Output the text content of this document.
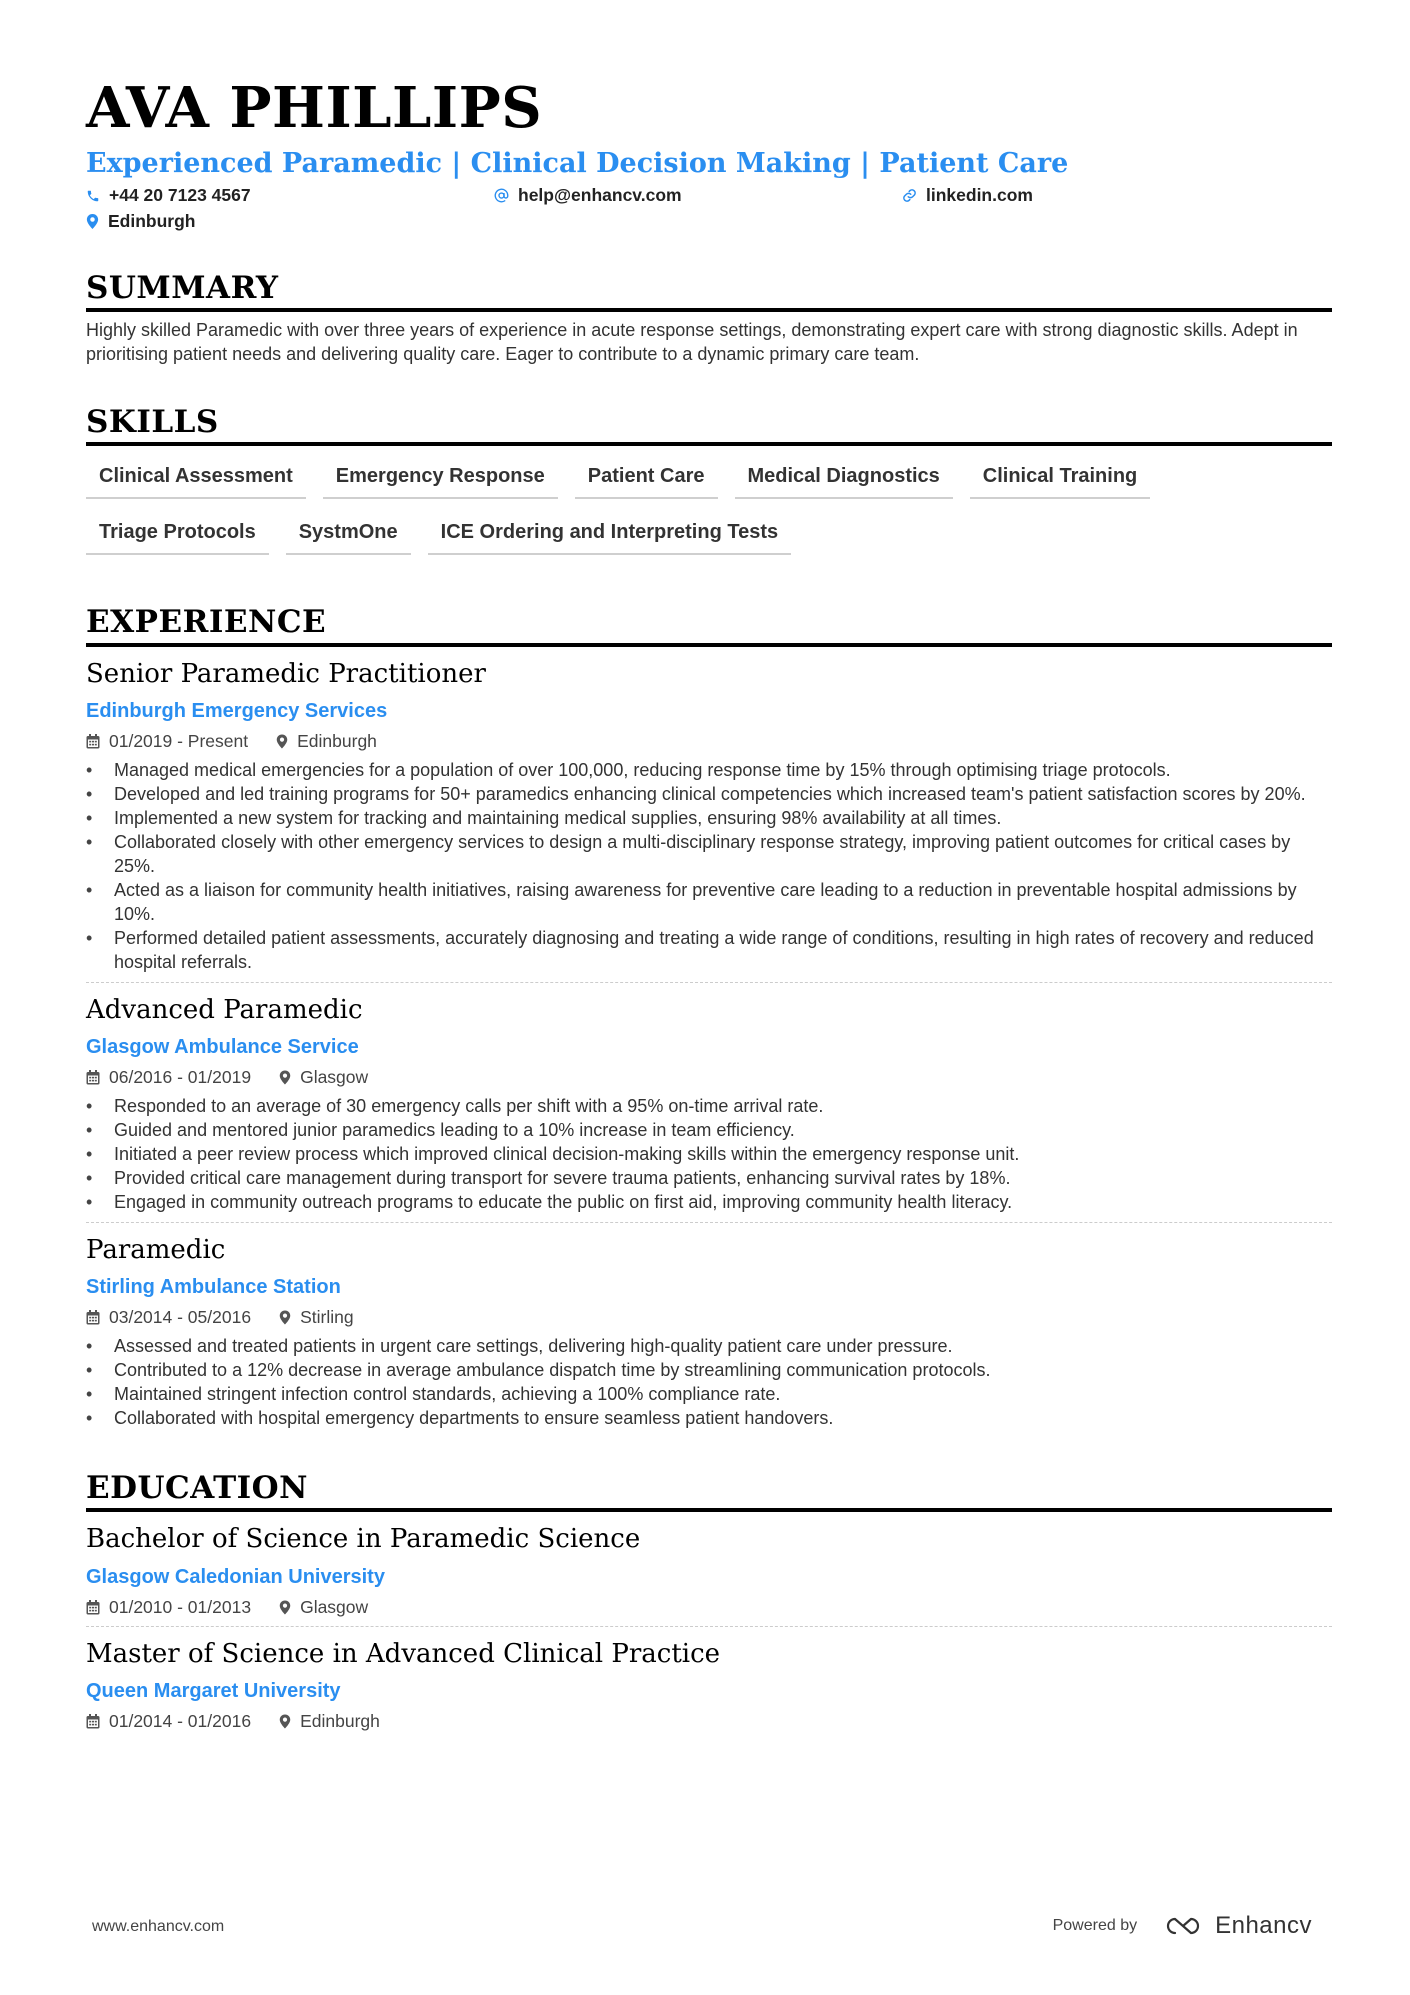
AVA PHILLIPS
Experienced Paramedic | Clinical Decision Making | Patient Care
+44 20 7123 4567	help@enhancv.com	linkedin.com
Edinburgh
SUMMARY
Highly skilled Paramedic with over three years of experience in acute response settings, demonstrating expert care with strong diagnostic skills. Adept in prioritising patient needs and delivering quality care. Eager to contribute to a dynamic primary care team.
SKILLS
Clinical Assessment	Emergency Response	Patient Care	Medical Diagnostics	Clinical Training
Triage Protocols	SystmOne	ICE Ordering and Interpreting Tests
EXPERIENCE
Senior Paramedic Practitioner
Edinburgh Emergency Services
01/2019 - Present	Edinburgh
• Managed medical emergencies for a population of over 100,000, reducing response time by 15% through optimising triage protocols.
• Developed and led training programs for 50+ paramedics enhancing clinical competencies which increased team's patient satisfaction scores by 20%.
• Implemented a new system for tracking and maintaining medical supplies, ensuring 98% availability at all times.
• Collaborated closely with other emergency services to design a multi-disciplinary response strategy, improving patient outcomes for critical cases by 25%.
• Acted as a liaison for community health initiatives, raising awareness for preventive care leading to a reduction in preventable hospital admissions by 10%.
• Performed detailed patient assessments, accurately diagnosing and treating a wide range of conditions, resulting in high rates of recovery and reduced hospital referrals.
Advanced Paramedic
Glasgow Ambulance Service
06/2016 - 01/2019	Glasgow
• Responded to an average of 30 emergency calls per shift with a 95% on-time arrival rate.
• Guided and mentored junior paramedics leading to a 10% increase in team efficiency.
• Initiated a peer review process which improved clinical decision-making skills within the emergency response unit.
• Provided critical care management during transport for severe trauma patients, enhancing survival rates by 18%.
• Engaged in community outreach programs to educate the public on first aid, improving community health literacy.
Paramedic
Stirling Ambulance Station
03/2014 - 05/2016	Stirling
• Assessed and treated patients in urgent care settings, delivering high-quality patient care under pressure.
• Contributed to a 12% decrease in average ambulance dispatch time by streamlining communication protocols.
• Maintained stringent infection control standards, achieving a 100% compliance rate.
• Collaborated with hospital emergency departments to ensure seamless patient handovers.
EDUCATION
Bachelor of Science in Paramedic Science
Glasgow Caledonian University
01/2010 - 01/2013	Glasgow
Master of Science in Advanced Clinical Practice
Queen Margaret University
01/2014 - 01/2016	Edinburgh
www.enhancv.com	Powered by	Enhancv
